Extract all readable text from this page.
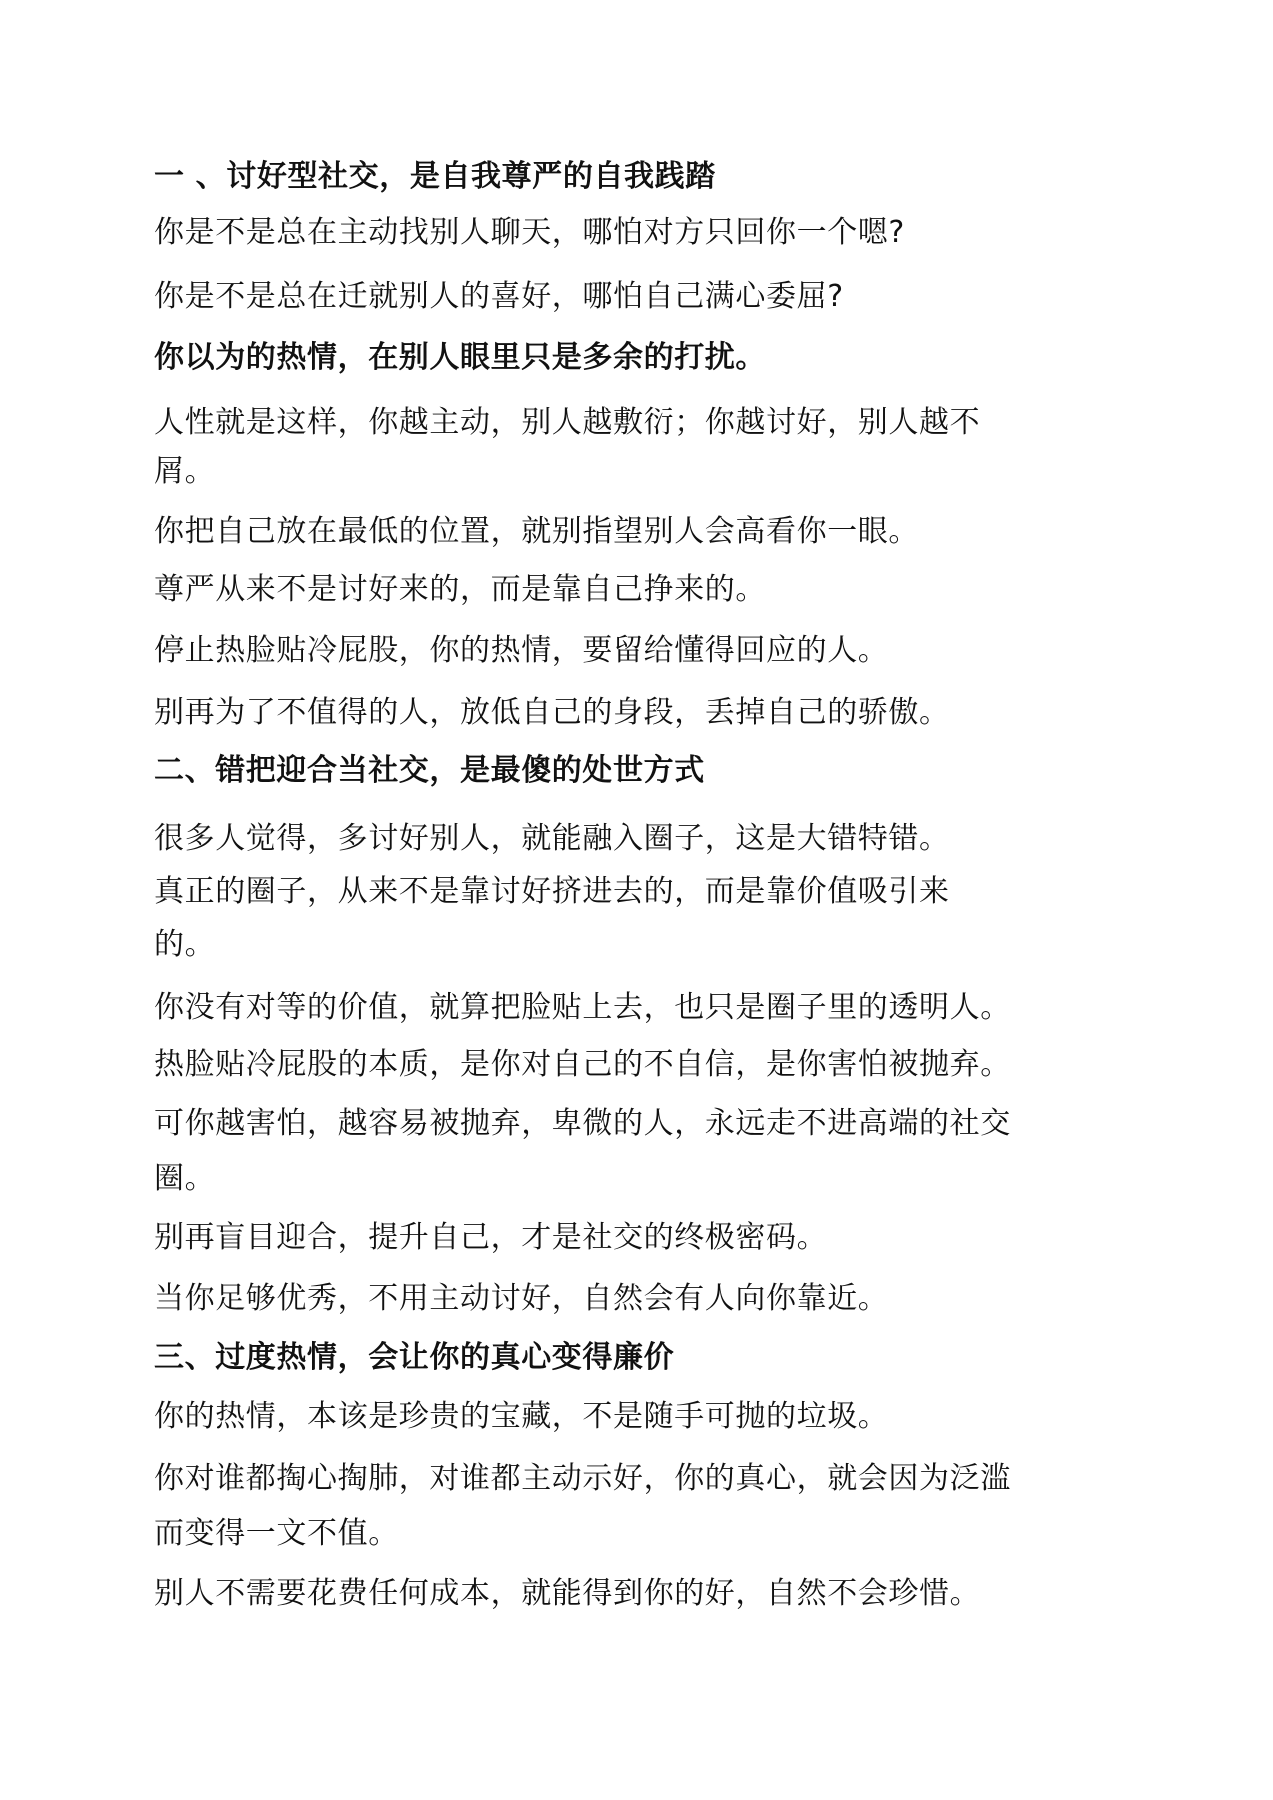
一 、讨好型社交，是自我尊严的自我践踏

你是不是总在主动找别人聊天，哪怕对方只回你一个嗯?

你是不是总在迁就别人的喜好，哪怕自己满心委屈?

你以为的热情，在别人眼里只是多余的打扰。

人性就是这样，你越主动，别人越敷衍；你越讨好，别人越不

屑。

你把自己放在最低的位置，就别指望别人会高看你一眼。

尊严从来不是讨好来的，而是靠自己挣来的。

停止热脸贴冷屁股，你的热情，要留给懂得回应的人。

别再为了不值得的人，放低自己的身段，丢掉自己的骄傲。

二、错把迎合当社交，是最傻的处世方式

很多人觉得，多讨好别人，就能融入圈子，这是大错特错。

真正的圈子，从来不是靠讨好挤进去的，而是靠价值吸引来

的。

你没有对等的价值，就算把脸贴上去，也只是圈子里的透明人。

热脸贴冷屁股的本质，是你对自己的不自信，是你害怕被抛弃。

可你越害怕，越容易被抛弃，卑微的人，永远走不进高端的社交

圈。

别再盲目迎合，提升自己，才是社交的终极密码。

当你足够优秀，不用主动讨好，自然会有人向你靠近。

三、过度热情，会让你的真心变得廉价

你的热情，本该是珍贵的宝藏，不是随手可抛的垃圾。

你对谁都掏心掏肺，对谁都主动示好，你的真心，就会因为泛滥

而变得一文不值。

别人不需要花费任何成本，就能得到你的好，自然不会珍惜。
